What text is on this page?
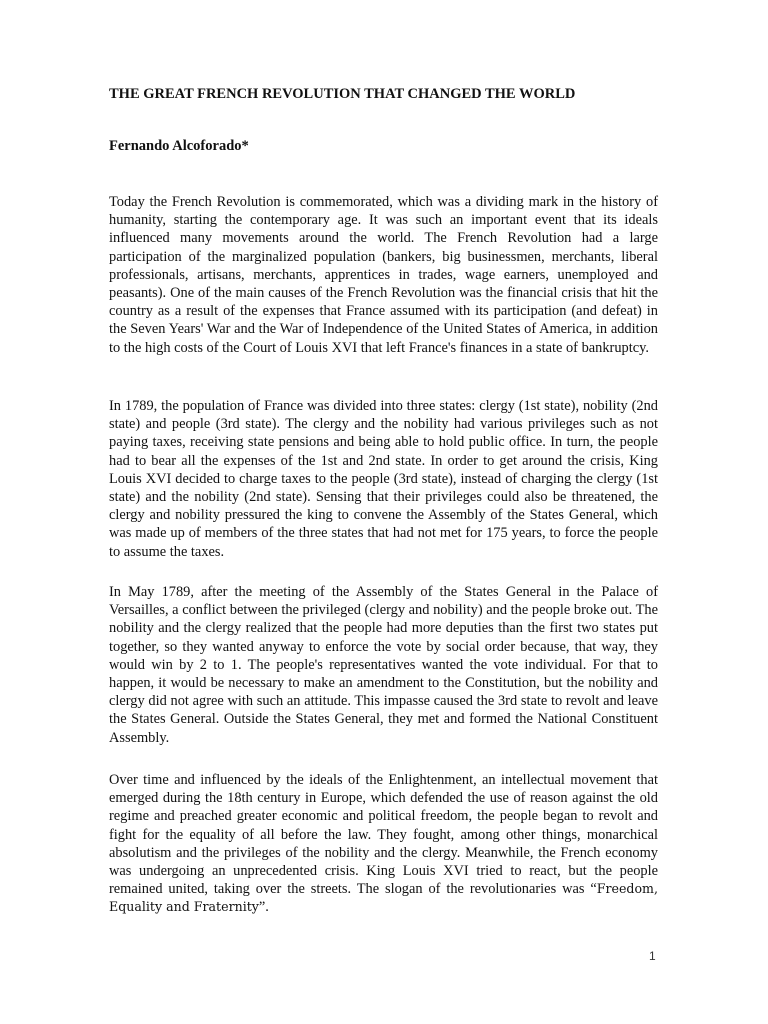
THE GREAT FRENCH REVOLUTION THAT CHANGED THE WORLD

Fernando Alcoforado*

Today the French Revolution is commemorated, which was a dividing mark in the history of humanity, starting the contemporary age. It was such an important event that its ideals influenced many movements around the world. The French Revolution had a large participation of the marginalized population (bankers, big businessmen, merchants, liberal professionals, artisans, merchants, apprentices in trades, wage earners, unemployed and peasants). One of the main causes of the French Revolution was the financial crisis that hit the country as a result of the expenses that France assumed with its participation (and defeat) in the Seven Years' War and the War of Independence of the United States of America, in addition to the high costs of the Court of Louis XVI that left France's finances in a state of bankruptcy.

In 1789, the population of France was divided into three states: clergy (1st state), nobility (2nd state) and people (3rd state). The clergy and the nobility had various privileges such as not paying taxes, receiving state pensions and being able to hold public office. In turn, the people had to bear all the expenses of the 1st and 2nd state. In order to get around the crisis, King Louis XVI decided to charge taxes to the people (3rd state), instead of charging the clergy (1st state) and the nobility (2nd state). Sensing that their privileges could also be threatened, the clergy and nobility pressured the king to convene the Assembly of the States General, which was made up of members of the three states that had not met for 175 years, to force the people to assume the taxes.

In May 1789, after the meeting of the Assembly of the States General in the Palace of Versailles, a conflict between the privileged (clergy and nobility) and the people broke out. The nobility and the clergy realized that the people had more deputies than the first two states put together, so they wanted anyway to enforce the vote by social order because, that way, they would win by 2 to 1. The people's representatives wanted the vote individual. For that to happen, it would be necessary to make an amendment to the Constitution, but the nobility and clergy did not agree with such an attitude. This impasse caused the 3rd state to revolt and leave the States General. Outside the States General, they met and formed the National Constituent Assembly.

Over time and influenced by the ideals of the Enlightenment, an intellectual movement that emerged during the 18th century in Europe, which defended the use of reason against the old regime and preached greater economic and political freedom, the people began to revolt and fight for the equality of all before the law. They fought, among other things, monarchical absolutism and the privileges of the nobility and the clergy. Meanwhile, the French economy was undergoing an unprecedented crisis. King Louis XVI tried to react, but the people remained united, taking over the streets. The slogan of the revolutionaries was “Freedom, Equality and Fraternity”.

1
